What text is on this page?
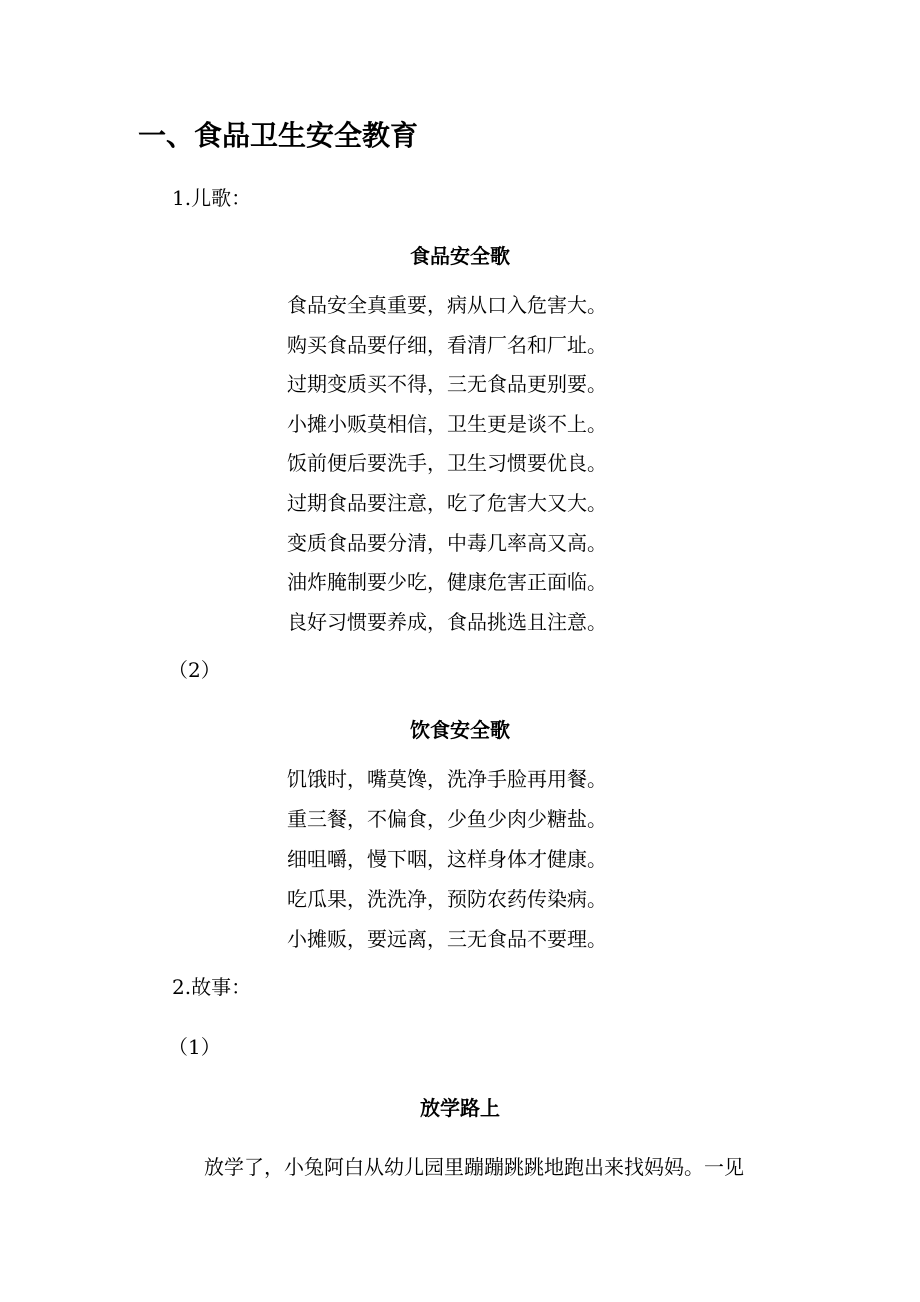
一、食品卫生安全教育
1.儿歌：
食品安全歌
食品安全真重要，病从口入危害大。
购买食品要仔细，看清厂名和厂址。
过期变质买不得，三无食品更别要。
小摊小贩莫相信，卫生更是谈不上。
饭前便后要洗手，卫生习惯要优良。
过期食品要注意，吃了危害大又大。
变质食品要分清，中毒几率高又高。
油炸腌制要少吃，健康危害正面临。
良好习惯要养成，食品挑选且注意。
（2）
饮食安全歌
饥饿时，嘴莫馋，洗净手脸再用餐。
重三餐，不偏食，少鱼少肉少糖盐。
细咀嚼，慢下咽，这样身体才健康。
吃瓜果，洗洗净，预防农药传染病。
小摊贩，要远离，三无食品不要理。
2.故事：
（1）
放学路上
放学了，小兔阿白从幼儿园里蹦蹦跳跳地跑出来找妈妈。一见
